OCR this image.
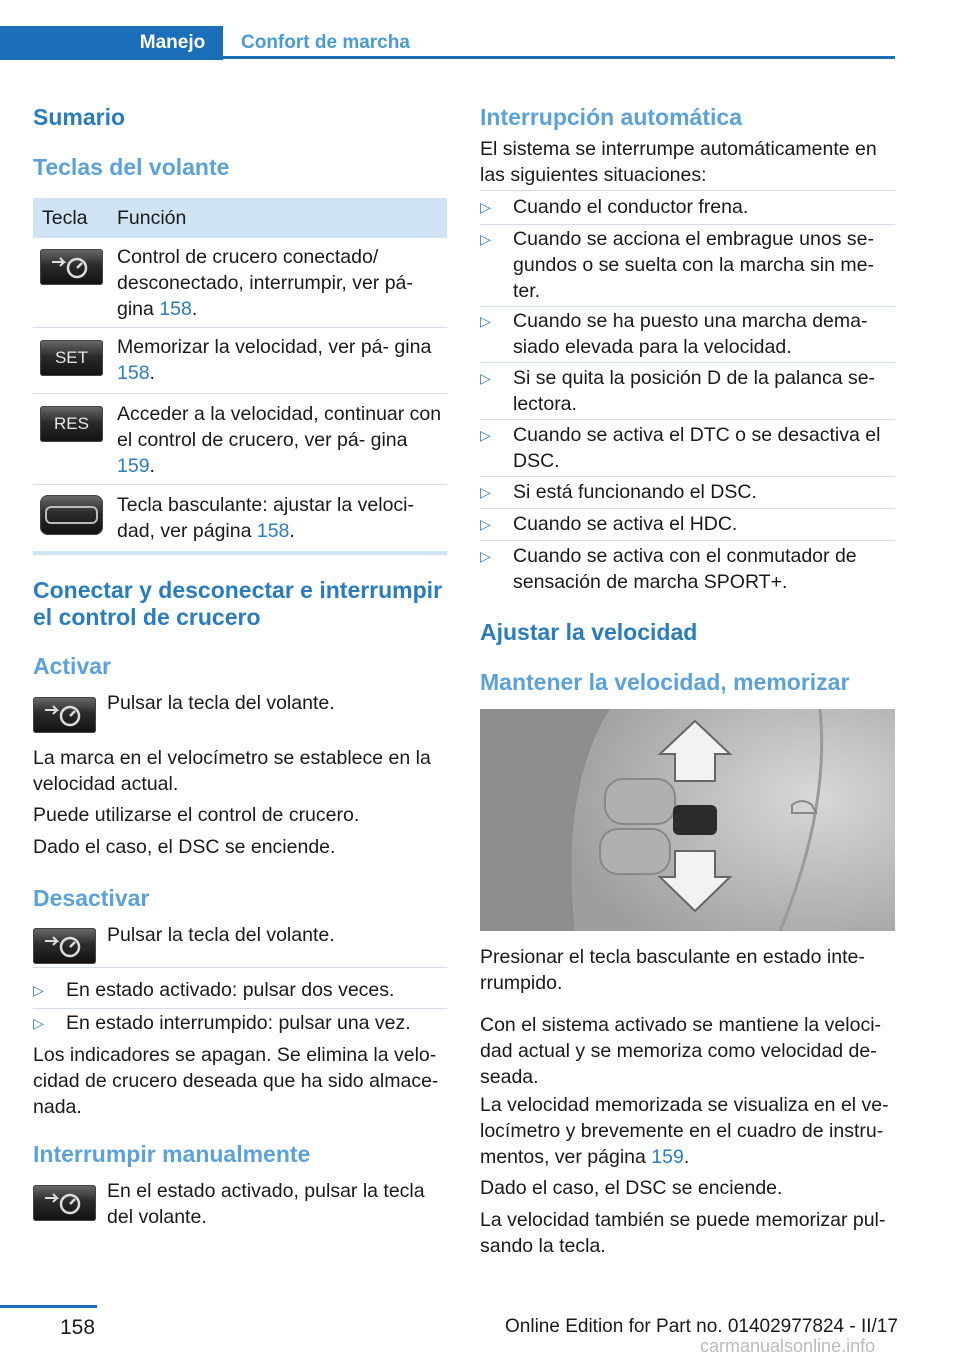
Manejo	Confort de marcha
Sumario
Teclas del volante
Tecla Función
Control de crucero conectado/ desconectado, interrumpir, ver pá‐ gina 158.
SET	Memorizar la velocidad, ver pá‐ gina 158.
RES	Acceder a la velocidad, continuar con el control de crucero, ver pá‐ gina 159.
Tecla basculante: ajustar la veloci‐ dad, ver página 158.
Conectar y desconectar e interrumpir el control de crucero
Activar
Pulsar la tecla del volante.
La marca en el velocímetro se establece en la velocidad actual.
Puede utilizarse el control de crucero.
Dado el caso, el DSC se enciende.
Desactivar
Pulsar la tecla del volante.
▷ En estado activado: pulsar dos veces.
▷ En estado interrumpido: pulsar una vez.
Los indicadores se apagan. Se elimina la velo‐ cidad de crucero deseada que ha sido almace‐ nada.
Interrumpir manualmente
En el estado activado, pulsar la tecla del volante.
Interrupción automática
El sistema se interrumpe automáticamente en las siguientes situaciones:
▷ Cuando el conductor frena.
▷ Cuando se acciona el embrague unos se‐ gundos o se suelta con la marcha sin me‐ ter.
▷ Cuando se ha puesto una marcha dema‐ siado elevada para la velocidad.
▷ Si se quita la posición D de la palanca se‐ lectora.
▷ Cuando se activa el DTC o se desactiva el DSC.
▷ Si está funcionando el DSC.
▷ Cuando se activa el HDC.
▷ Cuando se activa con el conmutador de sensación de marcha SPORT+.
Ajustar la velocidad
Mantener la velocidad, memorizar
Presionar el tecla basculante en estado inte‐ rrumpido.
Con el sistema activado se mantiene la veloci‐ dad actual y se memoriza como velocidad de‐ seada.
La velocidad memorizada se visualiza en el ve‐ locímetro y brevemente en el cuadro de instru‐ mentos, ver página 159.
Dado el caso, el DSC se enciende.
La velocidad también se puede memorizar pul‐ sando la tecla.
158	Online Edition for Part no. 01402977824 - II/17
carmanualsonline.info
